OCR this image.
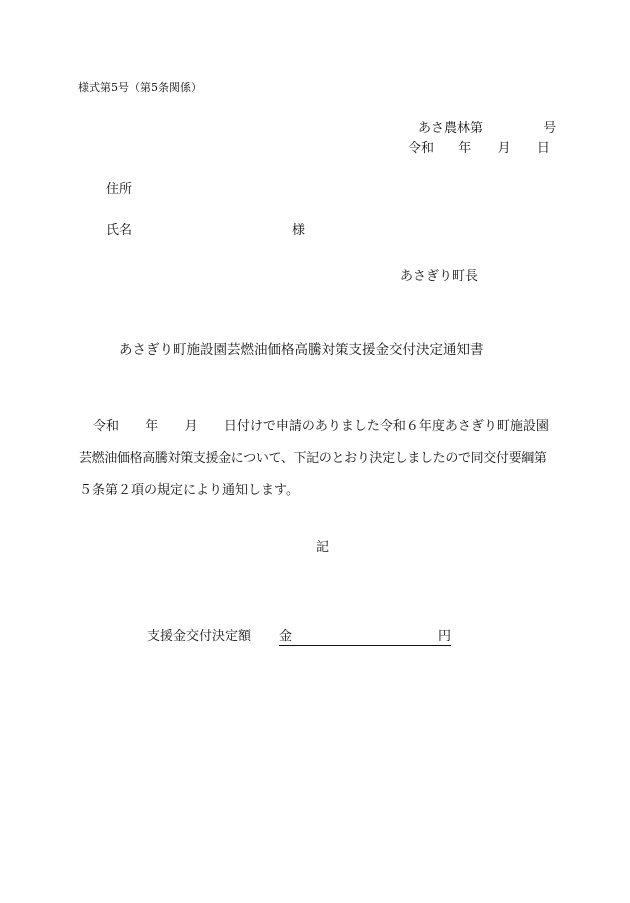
様式第5号（第5条関係）
あさ農林第	号
令和 年 月 日
住所
氏名	様
あさぎり町長
あさぎり町施設園芸燃油価格高騰対策支援金交付決定通知書
令和 年 月 日付けで申請のありました令和６年度あさぎり町施設園
芸燃油価格高騰対策支援金について、下記のとおり決定しましたので同交付要綱第
５条第２項の規定により通知します。
記
支援金交付決定額 金	円
